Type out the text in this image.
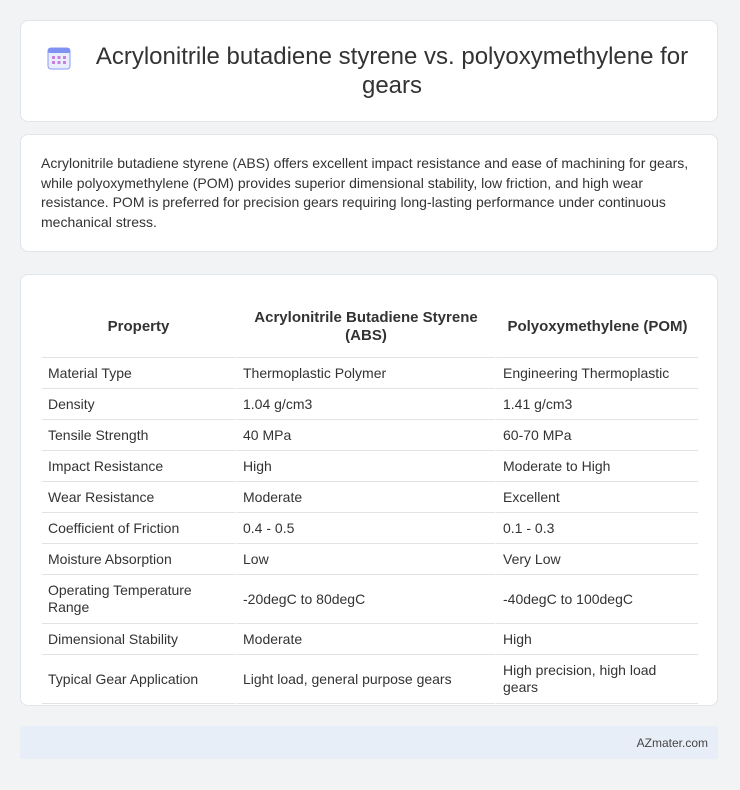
Acrylonitrile butadiene styrene vs. polyoxymethylene for gears

Acrylonitrile butadiene styrene (ABS) offers excellent impact resistance and ease of machining for gears, while polyoxymethylene (POM) provides superior dimensional stability, low friction, and high wear resistance. POM is preferred for precision gears requiring long-lasting performance under continuous mechanical stress.

Property	Acrylonitrile Butadiene Styrene (ABS)	Polyoxymethylene (POM)
Material Type	Thermoplastic Polymer	Engineering Thermoplastic
Density	1.04 g/cm3	1.41 g/cm3
Tensile Strength	40 MPa	60-70 MPa
Impact Resistance	High	Moderate to High
Wear Resistance	Moderate	Excellent
Coefficient of Friction	0.4 - 0.5	0.1 - 0.3
Moisture Absorption	Low	Very Low
Operating Temperature Range	-20degC to 80degC	-40degC to 100degC
Dimensional Stability	Moderate	High
Typical Gear Application	Light load, general purpose gears	High precision, high load gears
AZmater.com
